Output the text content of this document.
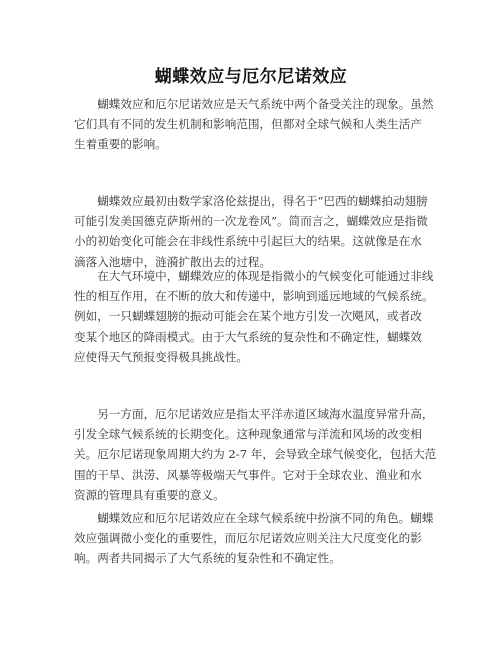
蝴蝶效应与厄尔尼诺效应
　　蝴蝶效应和厄尔尼诺效应是天气系统中两个备受关注的现象。虽然
它们具有不同的发生机制和影响范围，但都对全球气候和人类生活产
生着重要的影响。
　　蝴蝶效应最初由数学家洛伦兹提出，得名于“巴西的蝴蝶拍动翅膀
可能引发美国德克萨斯州的一次龙卷风”。简而言之，蝴蝶效应是指微
小的初始变化可能会在非线性系统中引起巨大的结果。这就像是在水
滴落入池塘中，涟漪扩散出去的过程。
　　在大气环境中，蝴蝶效应的体现是指微小的气候变化可能通过非线
性的相互作用，在不断的放大和传递中，影响到遥远地域的气候系统。
例如，一只蝴蝶翅膀的振动可能会在某个地方引发一次飓风，或者改
变某个地区的降雨模式。由于大气系统的复杂性和不确定性，蝴蝶效
应使得天气预报变得极具挑战性。
　　另一方面，厄尔尼诺效应是指太平洋赤道区域海水温度异常升高，
引发全球气候系统的长期变化。这种现象通常与洋流和风场的改变相
关。厄尔尼诺现象周期大约为 2-7 年，会导致全球气候变化，包括大范
围的干旱、洪涝、风暴等极端天气事件。它对于全球农业、渔业和水
资源的管理具有重要的意义。
　　蝴蝶效应和厄尔尼诺效应在全球气候系统中扮演不同的角色。蝴蝶
效应强调微小变化的重要性，而厄尔尼诺效应则关注大尺度变化的影
响。两者共同揭示了大气系统的复杂性和不确定性。
